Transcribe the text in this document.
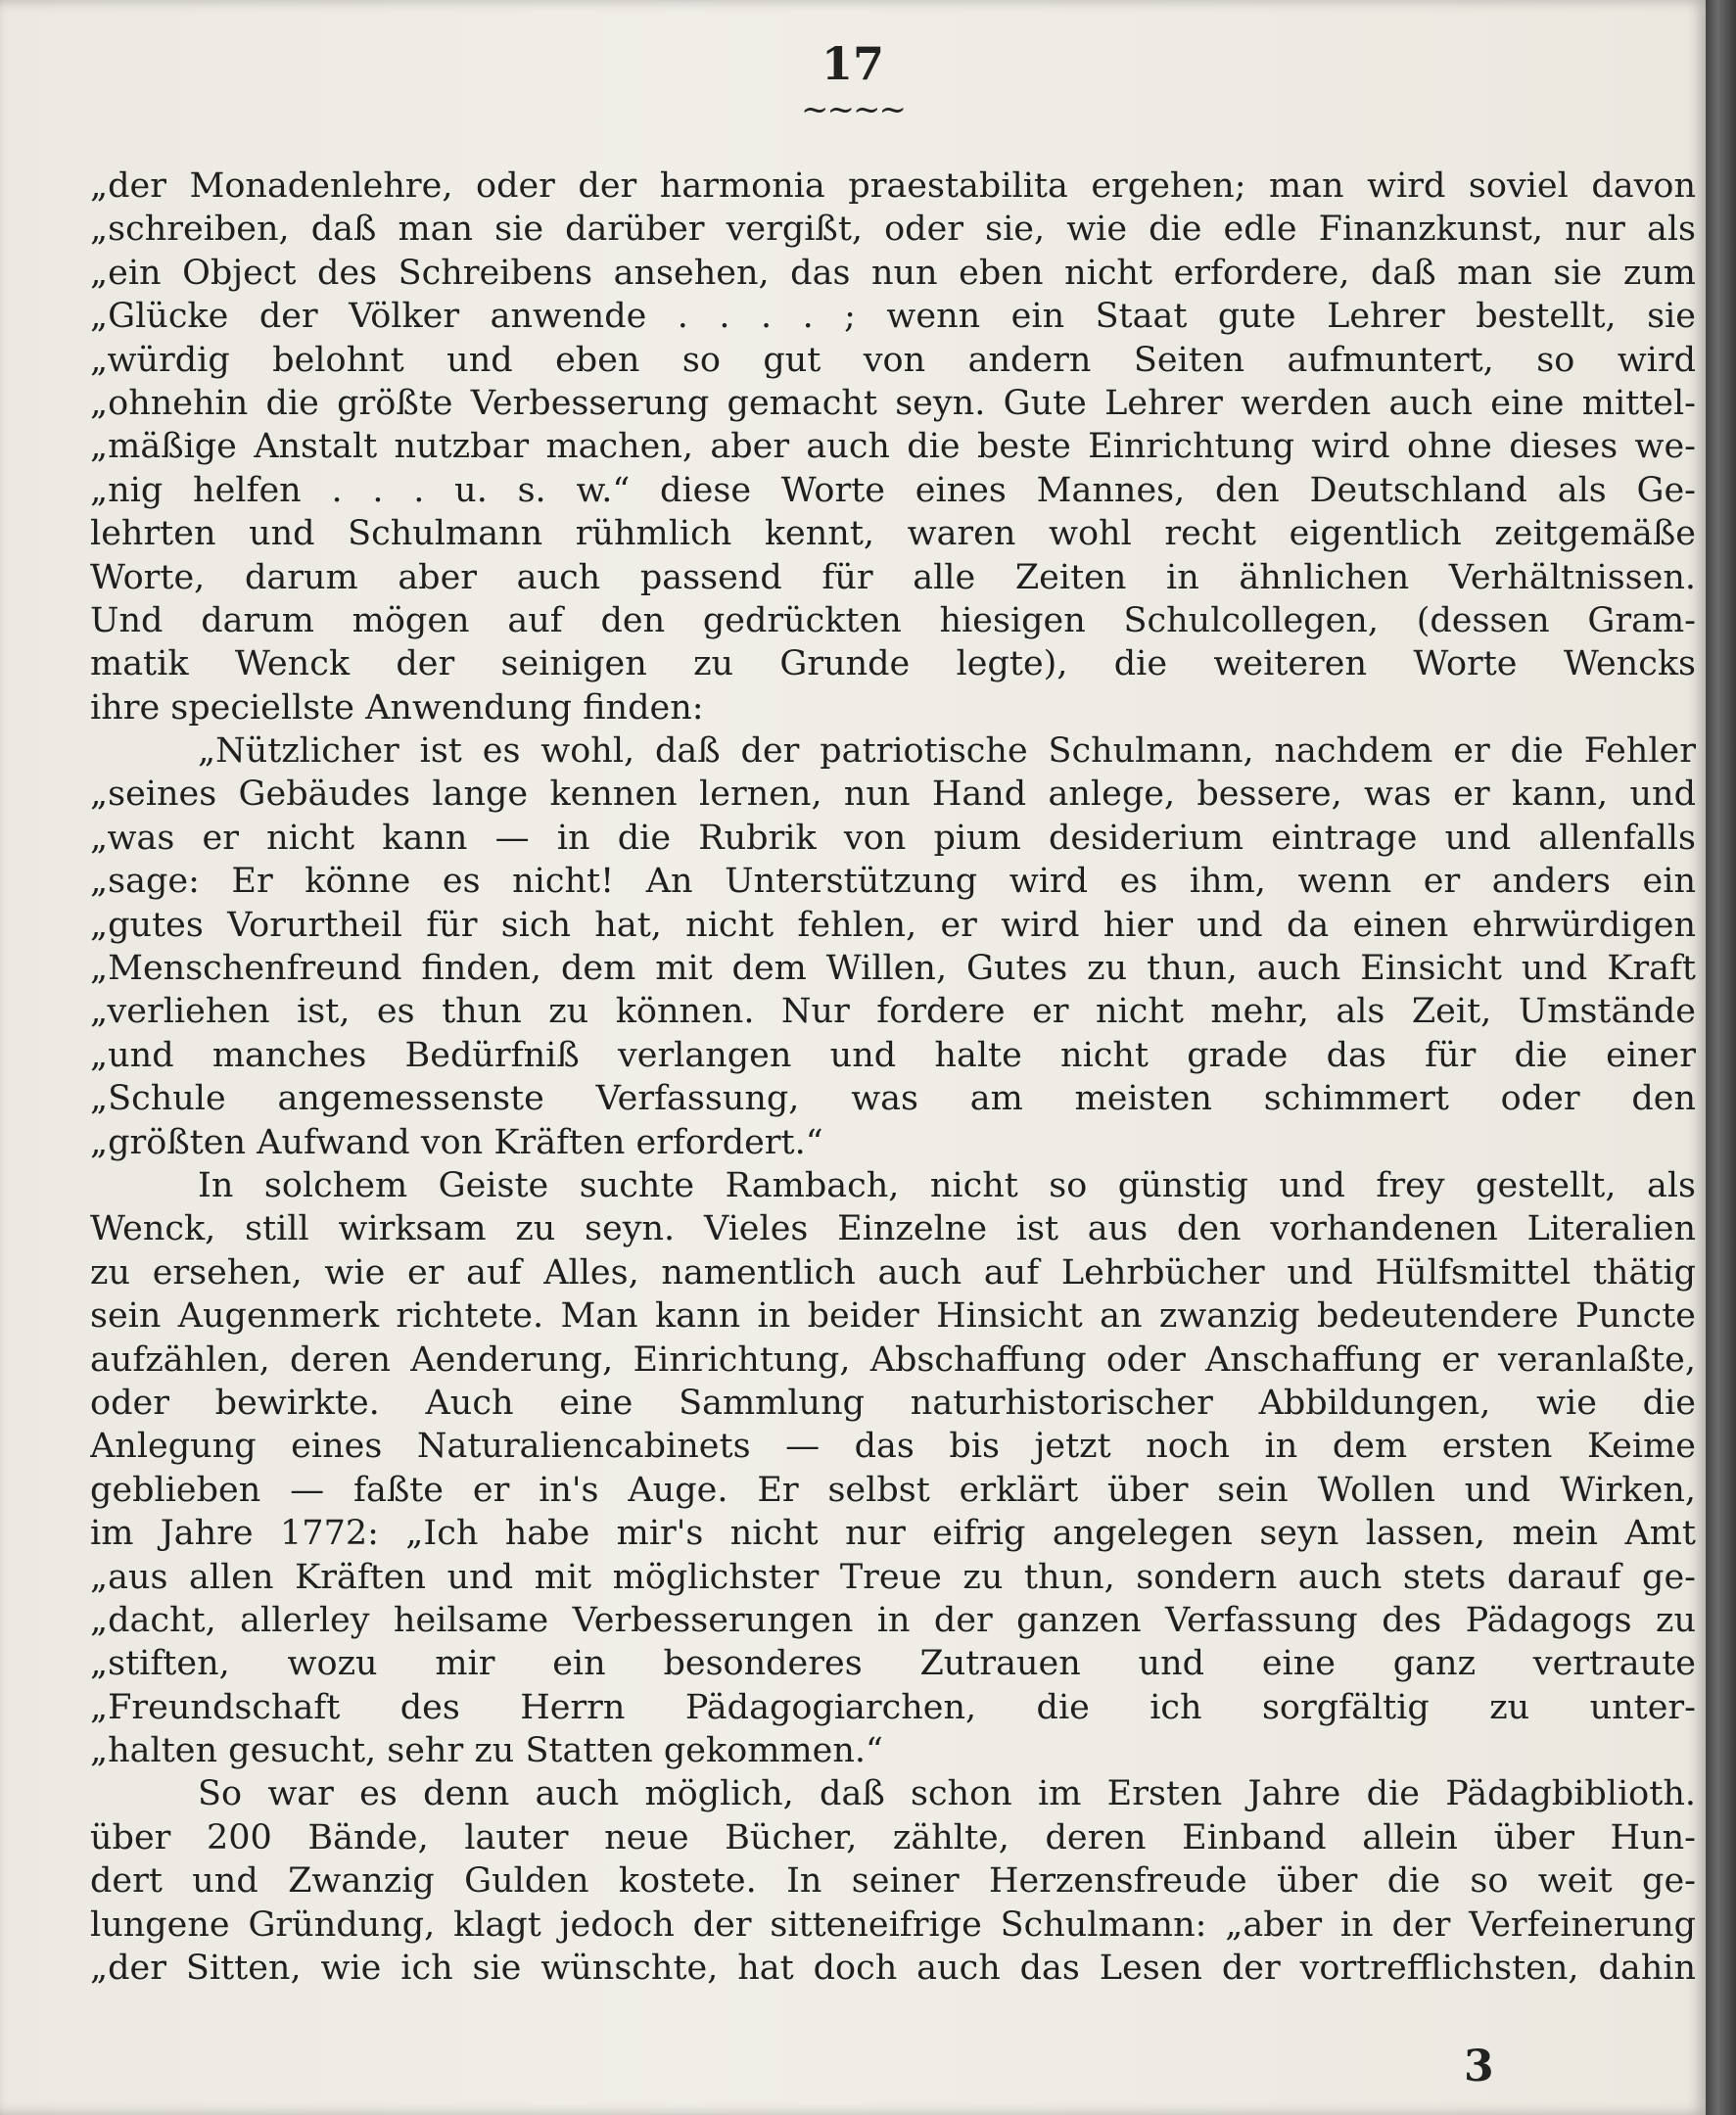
17
~~~~
„der Monadenlehre, oder der harmonia praestabilita ergehen; man wird soviel davon
„schreiben, daß man sie darüber vergißt, oder sie, wie die edle Finanzkunst, nur als
„ein Object des Schreibens ansehen, das nun eben nicht erfordere, daß man sie zum
„Glücke der Völker anwende . . . . ; wenn ein Staat gute Lehrer bestellt, sie
„würdig belohnt und eben so gut von andern Seiten aufmuntert, so wird
„ohnehin die größte Verbesserung gemacht seyn. Gute Lehrer werden auch eine mittel-
„mäßige Anstalt nutzbar machen, aber auch die beste Einrichtung wird ohne dieses we-
„nig helfen . . . u. s. w.“ diese Worte eines Mannes, den Deutschland als Ge-
lehrten und Schulmann rühmlich kennt, waren wohl recht eigentlich zeitgemäße
Worte, darum aber auch passend für alle Zeiten in ähnlichen Verhältnissen.
Und darum mögen auf den gedrückten hiesigen Schulcollegen, (dessen Gram-
matik Wenck der seinigen zu Grunde legte), die weiteren Worte Wencks
ihre speciellste Anwendung finden:
„Nützlicher ist es wohl, daß der patriotische Schulmann, nachdem er die Fehler
„seines Gebäudes lange kennen lernen, nun Hand anlege, bessere, was er kann, und
„was er nicht kann — in die Rubrik von pium desiderium eintrage und allenfalls
„sage: Er könne es nicht! An Unterstützung wird es ihm, wenn er anders ein
„gutes Vorurtheil für sich hat, nicht fehlen, er wird hier und da einen ehrwürdigen
„Menschenfreund finden, dem mit dem Willen, Gutes zu thun, auch Einsicht und Kraft
„verliehen ist, es thun zu können. Nur fordere er nicht mehr, als Zeit, Umstände
„und manches Bedürfniß verlangen und halte nicht grade das für die einer
„Schule angemessenste Verfassung, was am meisten schimmert oder den
„größten Aufwand von Kräften erfordert.“
In solchem Geiste suchte Rambach, nicht so günstig und frey gestellt, als
Wenck, still wirksam zu seyn. Vieles Einzelne ist aus den vorhandenen Literalien
zu ersehen, wie er auf Alles, namentlich auch auf Lehrbücher und Hülfsmittel thätig
sein Augenmerk richtete. Man kann in beider Hinsicht an zwanzig bedeutendere Puncte
aufzählen, deren Aenderung, Einrichtung, Abschaffung oder Anschaffung er veranlaßte,
oder bewirkte. Auch eine Sammlung naturhistorischer Abbildungen, wie die
Anlegung eines Naturaliencabinets — das bis jetzt noch in dem ersten Keime
geblieben — faßte er in's Auge. Er selbst erklärt über sein Wollen und Wirken,
im Jahre 1772: „Ich habe mir's nicht nur eifrig angelegen seyn lassen, mein Amt
„aus allen Kräften und mit möglichster Treue zu thun, sondern auch stets darauf ge-
„dacht, allerley heilsame Verbesserungen in der ganzen Verfassung des Pädagogs zu
„stiften, wozu mir ein besonderes Zutrauen und eine ganz vertraute
„Freundschaft des Herrn Pädagogiarchen, die ich sorgfältig zu unter-
„halten gesucht, sehr zu Statten gekommen.“
So war es denn auch möglich, daß schon im Ersten Jahre die Pädagbiblioth.
über 200 Bände, lauter neue Bücher, zählte, deren Einband allein über Hun-
dert und Zwanzig Gulden kostete. In seiner Herzensfreude über die so weit ge-
lungene Gründung, klagt jedoch der sitteneifrige Schulmann: „aber in der Verfeinerung
„der Sitten, wie ich sie wünschte, hat doch auch das Lesen der vortrefflichsten, dahin
3
